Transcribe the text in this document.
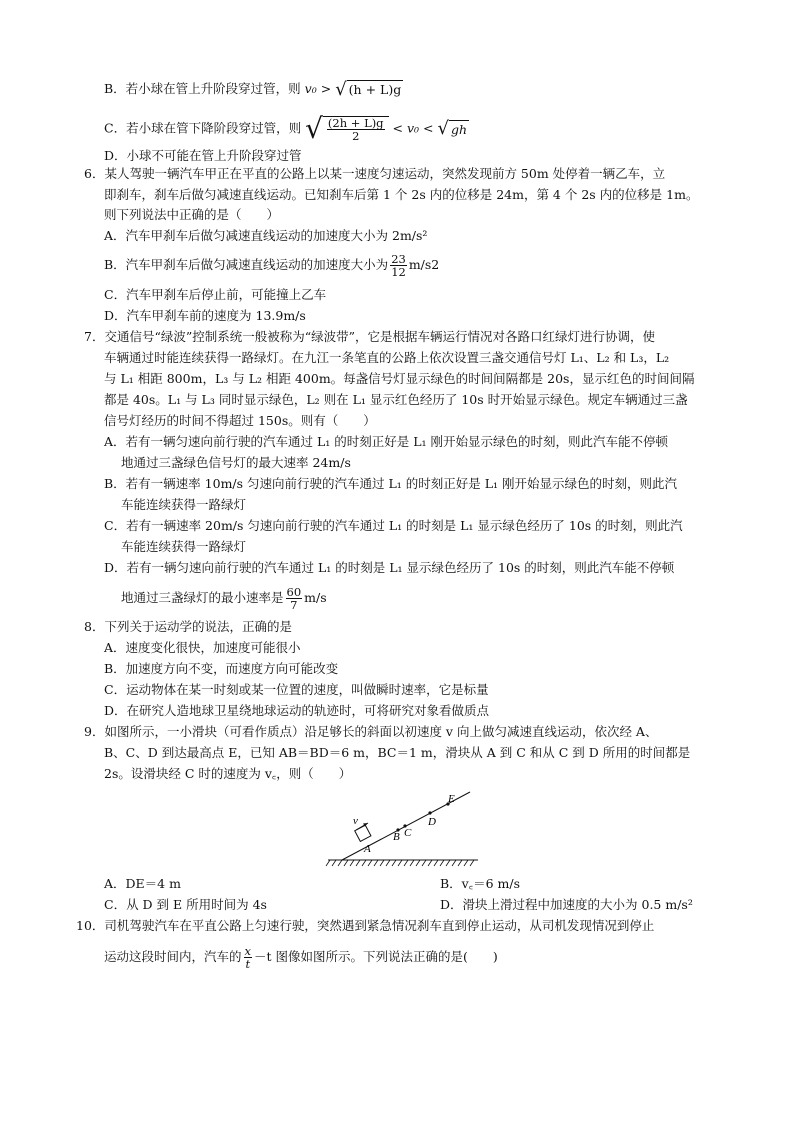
B．若小球在管上升阶段穿过管，则 v₀ > √ (h + L)g
C．若小球在管下降阶段穿过管，则 √ $\frac{(2h + L)g}{2} < v_0$ < √ gh
D．小球不可能在管上升阶段穿过管
6．某人驾驶一辆汽车甲正在平直的公路上以某一速度匀速运动，突然发现前方 50m 处停着一辆乙车，立
即刹车，刹车后做匀减速直线运动。已知刹车后第 1 个 2s 内的位移是 24m，第 4 个 2s 内的位移是 1m。
则下列说法中正确的是（　　）
A．汽车甲刹车后做匀减速直线运动的加速度大小为 2m/s²
B．汽车甲刹车后做匀减速直线运动的加速度大小为 $\frac{23}{12} m/s2$
C．汽车甲刹车后停止前，可能撞上乙车
D．汽车甲刹车前的速度为 13.9m/s
7．交通信号“绿波”控制系统一般被称为“绿波带”，它是根据车辆运行情况对各路口红绿灯进行协调，使
车辆通过时能连续获得一路绿灯。在九江一条笔直的公路上依次设置三盏交通信号灯 L₁、L₂ 和 L₃，L₂
与 L₁ 相距 800m，L₃ 与 L₂ 相距 400m。每盏信号灯显示绿色的时间间隔都是 20s，显示红色的时间间隔
都是 40s。L₁ 与 L₃ 同时显示绿色，L₂ 则在 L₁ 显示红色经历了 10s 时开始显示绿色。规定车辆通过三盏
信号灯经历的时间不得超过 150s。则有（　　）
A．若有一辆匀速向前行驶的汽车通过 L₁ 的时刻正好是 L₁ 刚开始显示绿色的时刻，则此汽车能不停顿
地通过三盏绿色信号灯的最大速率 24m/s
B．若有一辆速率 10m/s 匀速向前行驶的汽车通过 L₁ 的时刻正好是 L₁ 刚开始显示绿色的时刻，则此汽
车能连续获得一路绿灯
C．若有一辆速率 20m/s 匀速向前行驶的汽车通过 L₁ 的时刻是 L₁ 显示绿色经历了 10s 的时刻，则此汽
车能连续获得一路绿灯
D．若有一辆匀速向前行驶的汽车通过 L₁ 的时刻是 L₁ 显示绿色经历了 10s 的时刻，则此汽车能不停顿
地通过三盏绿灯的最小速率是 $\frac{60}{7} m/s$
8．下列关于运动学的说法，正确的是
A．速度变化很快，加速度可能很小
B．加速度方向不变，而速度方向可能改变
C．运动物体在某一时刻或某一位置的速度，叫做瞬时速率，它是标量
D．在研究人造地球卫星绕地球运动的轨迹时，可将研究对象看做质点
9．如图所示，一小滑块（可看作质点）沿足够长的斜面以初速度 v 向上做匀减速直线运动，依次经 A、
B、C、D 到达最高点 E，已知 AB＝BD＝6 m，BC＝1 m，滑块从 A 到 C 和从 C 到 D 所用的时间都是
2s。设滑块经 C 时的速度为 v꜀，则（　　）
v
A
B C
D
E
A．DE＝4 m	B．v꜀＝6 m/s
C．从 D 到 E 所用时间为 4s	D．滑块上滑过程中加速度的大小为 0.5 m/s²
10．司机驾驶汽车在平直公路上匀速行驶，突然遇到紧急情况刹车直到停止运动，从司机发现情况到停止
运动这段时间内，汽车的 $\frac{x}{t} -t$ 图像如图所示。下列说法正确的是(　　)
